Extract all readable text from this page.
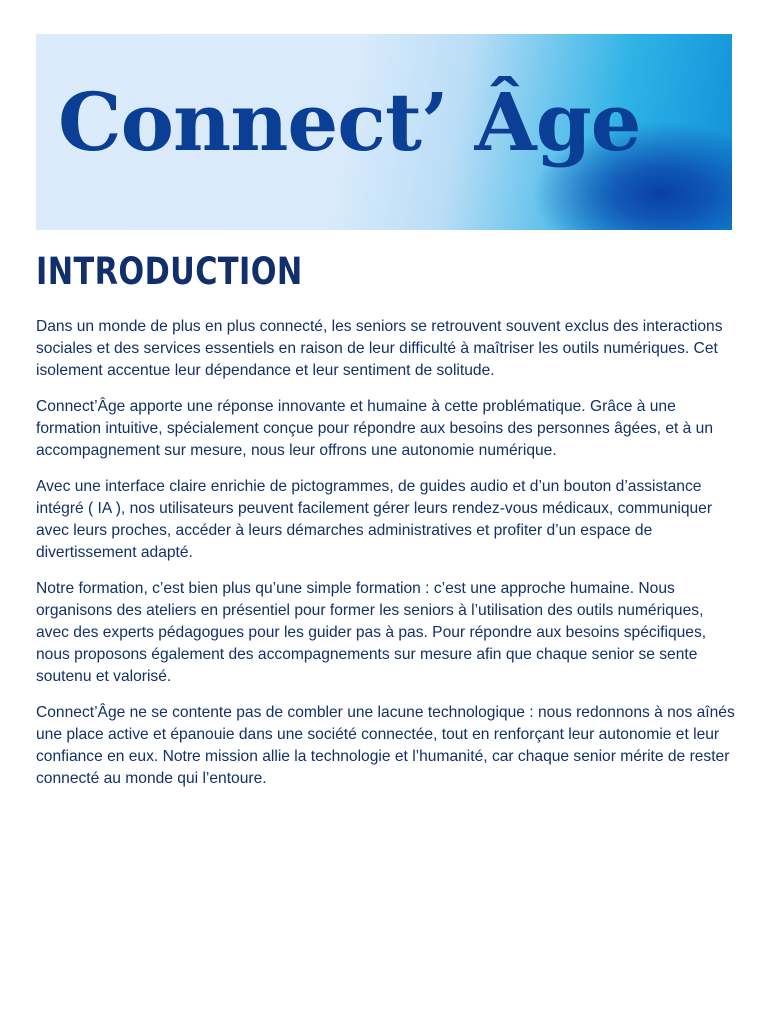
Connect’ Âge
INTRODUCTION

Dans un monde de plus en plus connecté, les seniors se retrouvent souvent exclus des interactions sociales et des services essentiels en raison de leur difficulté à maîtriser les outils numériques. Cet isolement accentue leur dépendance et leur sentiment de solitude.

Connect’Âge apporte une réponse innovante et humaine à cette problématique. Grâce à une formation intuitive, spécialement conçue pour répondre aux besoins des personnes âgées, et à un accompagnement sur mesure, nous leur offrons une autonomie numérique.

Avec une interface claire enrichie de pictogrammes, de guides audio et d’un bouton d’assistance intégré ( IA ), nos utilisateurs peuvent facilement gérer leurs rendez-vous médicaux, communiquer avec leurs proches, accéder à leurs démarches administratives et profiter d’un espace de divertissement adapté.

Notre formation, c’est bien plus qu’une simple formation : c’est une approche humaine. Nous organisons des ateliers en présentiel pour former les seniors à l’utilisation des outils numériques, avec des experts pédagogues pour les guider pas à pas. Pour répondre aux besoins spécifiques, nous proposons également des accompagnements sur mesure afin que chaque senior se sente soutenu et valorisé.

Connect’Âge ne se contente pas de combler une lacune technologique : nous redonnons à nos aînés une place active et épanouie dans une société connectée, tout en renforçant leur autonomie et leur confiance en eux. Notre mission allie la technologie et l’humanité, car chaque senior mérite de rester connecté au monde qui l’entoure.
